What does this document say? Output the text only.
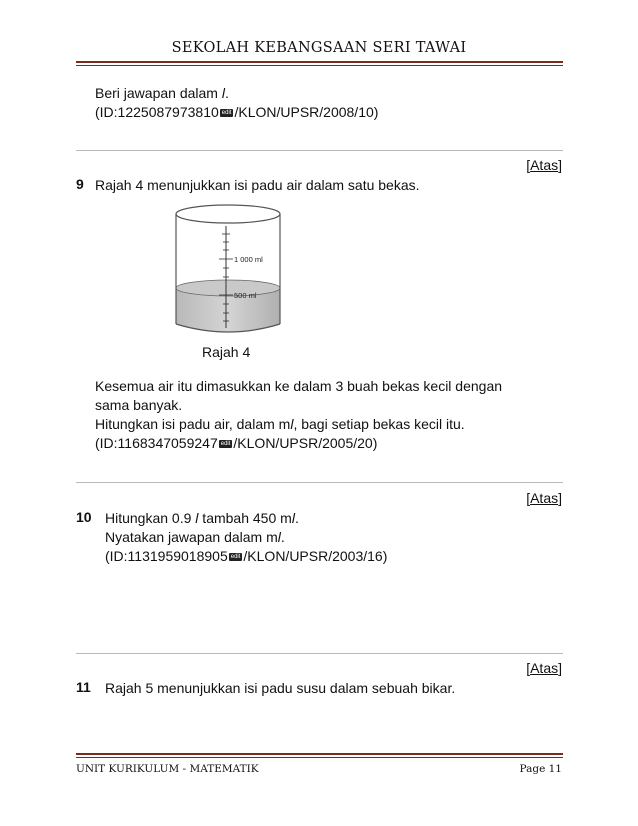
SEKOLAH KEBANGSAAN SERI TAWAI
Beri jawapan dalam l.
(ID:1225087973810 edit /KLON/UPSR/2008/10)
[Atas]
9 Rajah 4 menunjukkan isi padu air dalam satu bekas.
1 000 ml
500 ml
Rajah 4
Kesemua air itu dimasukkan ke dalam 3 buah bekas kecil dengan
sama banyak.
Hitungkan isi padu air, dalam ml, bagi setiap bekas kecil itu.
(ID:1168347059247 edit /KLON/UPSR/2005/20)
[Atas]
10 Hitungkan 0.9 l tambah 450 ml.
Nyatakan jawapan dalam ml.
(ID:1131959018905 edit /KLON/UPSR/2003/16)
[Atas]
11 Rajah 5 menunjukkan isi padu susu dalam sebuah bikar.
UNIT KURIKULUM - MATEMATIK	Page 11
